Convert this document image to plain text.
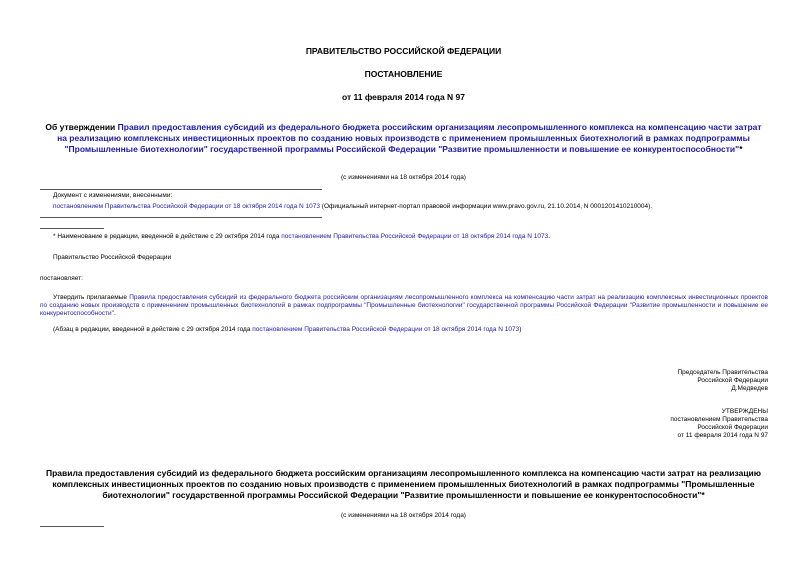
ПРАВИТЕЛЬСТВО РОССИЙСКОЙ ФЕДЕРАЦИИ
ПОСТАНОВЛЕНИЕ
от 11 февраля 2014 года N 97
Об утверждении Правил предоставления субсидий из федерального бюджета российским организациям лесопромышленного комплекса на компенсацию части затрат на реализацию комплексных инвестиционных проектов по созданию новых производств с применением промышленных биотехнологий в рамках подпрограммы "Промышленные биотехнологии" государственной программы Российской Федерации "Развитие промышленности и повышение ее конкурентоспособности"*
(с изменениями на 18 октября 2014 года)
Документ с изменениями, внесенными:
постановлением Правительства Российской Федерации от 18 октября 2014 года N 1073 (Официальный интернет-портал правовой информации www.pravo.gov.ru, 21.10.2014, N 0001201410210004).
* Наименование в редакции, введенной в действие с 29 октября 2014 года постановлением Правительства Российской Федерации от 18 октября 2014 года N 1073.
Правительство Российской Федерации
постановляет:
Утвердить прилагаемые Правила предоставления субсидий из федерального бюджета российским организациям лесопромышленного комплекса на компенсацию части затрат на реализацию комплексных инвестиционных проектов по созданию новых производств с применением промышленных биотехнологий в рамках подпрограммы "Промышленные биотехнологии" государственной программы Российской Федерации "Развитие промышленности и повышение ее конкурентоспособности".
(Абзац в редакции, введенной в действие с 29 октября 2014 года постановлением Правительства Российской Федерации от 18 октября 2014 года N 1073)
Председатель Правительства
Российской Федерации
Д.Медведев
УТВЕРЖДЕНЫ
постановлением Правительства
Российской Федерации
от 11 февраля 2014 года N 97
Правила предоставления субсидий из федерального бюджета российским организациям лесопромышленного комплекса на компенсацию части затрат на реализацию комплексных инвестиционных проектов по созданию новых производств с применением промышленных биотехнологий в рамках подпрограммы "Промышленные биотехнологии" государственной программы Российской Федерации "Развитие промышленности и повышение ее конкурентоспособности"*
(с изменениями на 18 октября 2014 года)
